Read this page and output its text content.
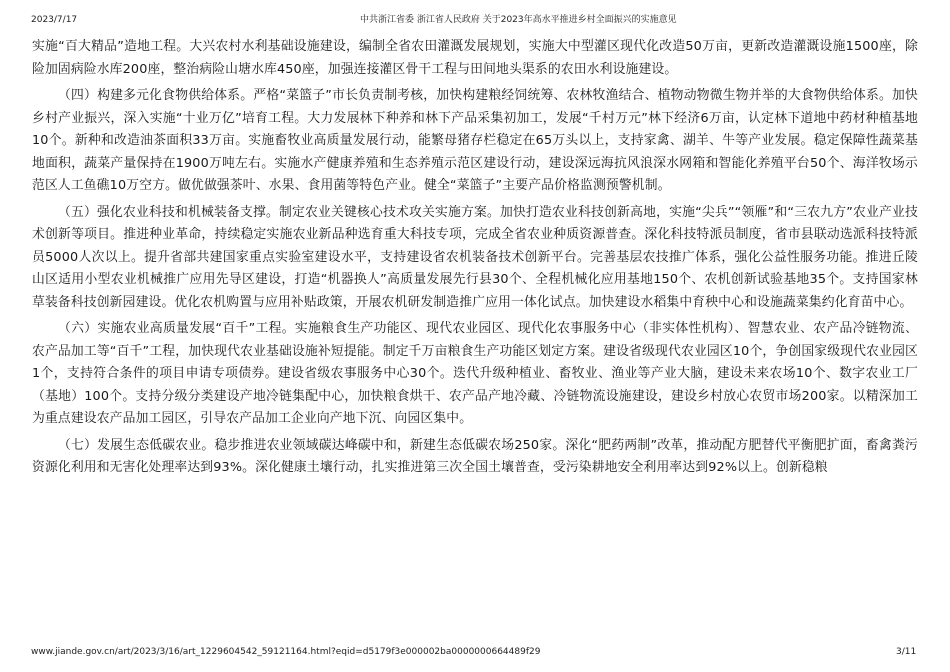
2023/7/17	中共浙江省委 浙江省人民政府 关于2023年高水平推进乡村全面振兴的实施意见

实施“百大精品”造地工程。大兴农村水利基础设施建设，编制全省农田灌溉发展规划，实施大中型灌区现代化改造50万亩，更新改造灌溉设施1500座，除险加固病险水库200座，整治病险山塘水库450座，加强连接灌区骨干工程与田间地头渠系的农田水利设施建设。

（四）构建多元化食物供给体系。严格“菜篮子”市长负责制考核，加快构建粮经饲统筹、农林牧渔结合、植物动物微生物并举的大食物供给体系。加快乡村产业振兴，深入实施“十业万亿”培育工程。大力发展林下种养和林下产品采集初加工，发展“千村万元”林下经济6万亩，认定林下道地中药材种植基地10个。新种和改造油茶面积33万亩。实施畜牧业高质量发展行动，能繁母猪存栏稳定在65万头以上，支持家禽、湖羊、牛等产业发展。稳定保障性蔬菜基地面积，蔬菜产量保持在1900万吨左右。实施水产健康养殖和生态养殖示范区建设行动，建设深远海抗风浪深水网箱和智能化养殖平台50个、海洋牧场示范区人工鱼礁10万空方。做优做强茶叶、水果、食用菌等特色产业。健全“菜篮子”主要产品价格监测预警机制。

（五）强化农业科技和机械装备支撑。制定农业关键核心技术攻关实施方案。加快打造农业科技创新高地，实施“尖兵”“领雁”和“三农九方”农业产业技术创新等项目。推进种业革命，持续稳定实施农业新品种选育重大科技专项，完成全省农业种质资源普查。深化科技特派员制度，省市县联动选派科技特派员5000人次以上。提升省部共建国家重点实验室建设水平，支持建设省农机装备技术创新平台。完善基层农技推广体系，强化公益性服务功能。推进丘陵山区适用小型农业机械推广应用先导区建设，打造“机器换人”高质量发展先行县30个、全程机械化应用基地150个、农机创新试验基地35个。支持国家林草装备科技创新园建设。优化农机购置与应用补贴政策，开展农机研发制造推广应用一体化试点。加快建设水稻集中育秧中心和设施蔬菜集约化育苗中心。

（六）实施农业高质量发展“百千”工程。实施粮食生产功能区、现代农业园区、现代化农事服务中心（非实体性机构）、智慧农业、农产品冷链物流、农产品加工等“百千”工程，加快现代农业基础设施补短提能。制定千万亩粮食生产功能区划定方案。建设省级现代农业园区10个，争创国家级现代农业园区1个，支持符合条件的项目申请专项债券。建设省级农事服务中心30个。迭代升级种植业、畜牧业、渔业等产业大脑，建设未来农场10个、数字农业工厂（基地）100个。支持分级分类建设产地冷链集配中心，加快粮食烘干、农产品产地冷藏、冷链物流设施建设，建设乡村放心农贸市场200家。以精深加工为重点建设农产品加工园区，引导农产品加工企业向产地下沉、向园区集中。

（七）发展生态低碳农业。稳步推进农业领域碳达峰碳中和，新建生态低碳农场250家。深化“肥药两制”改革，推动配方肥替代平衡肥扩面，畜禽粪污资源化利用和无害化处理率达到93%。深化健康土壤行动，扎实推进第三次全国土壤普查，受污染耕地安全利用率达到92%以上。创新稳粮

www.jiande.gov.cn/art/2023/3/16/art_1229604542_59121164.html?eqid=d5179f3e000002ba0000000664489f29	3/11
